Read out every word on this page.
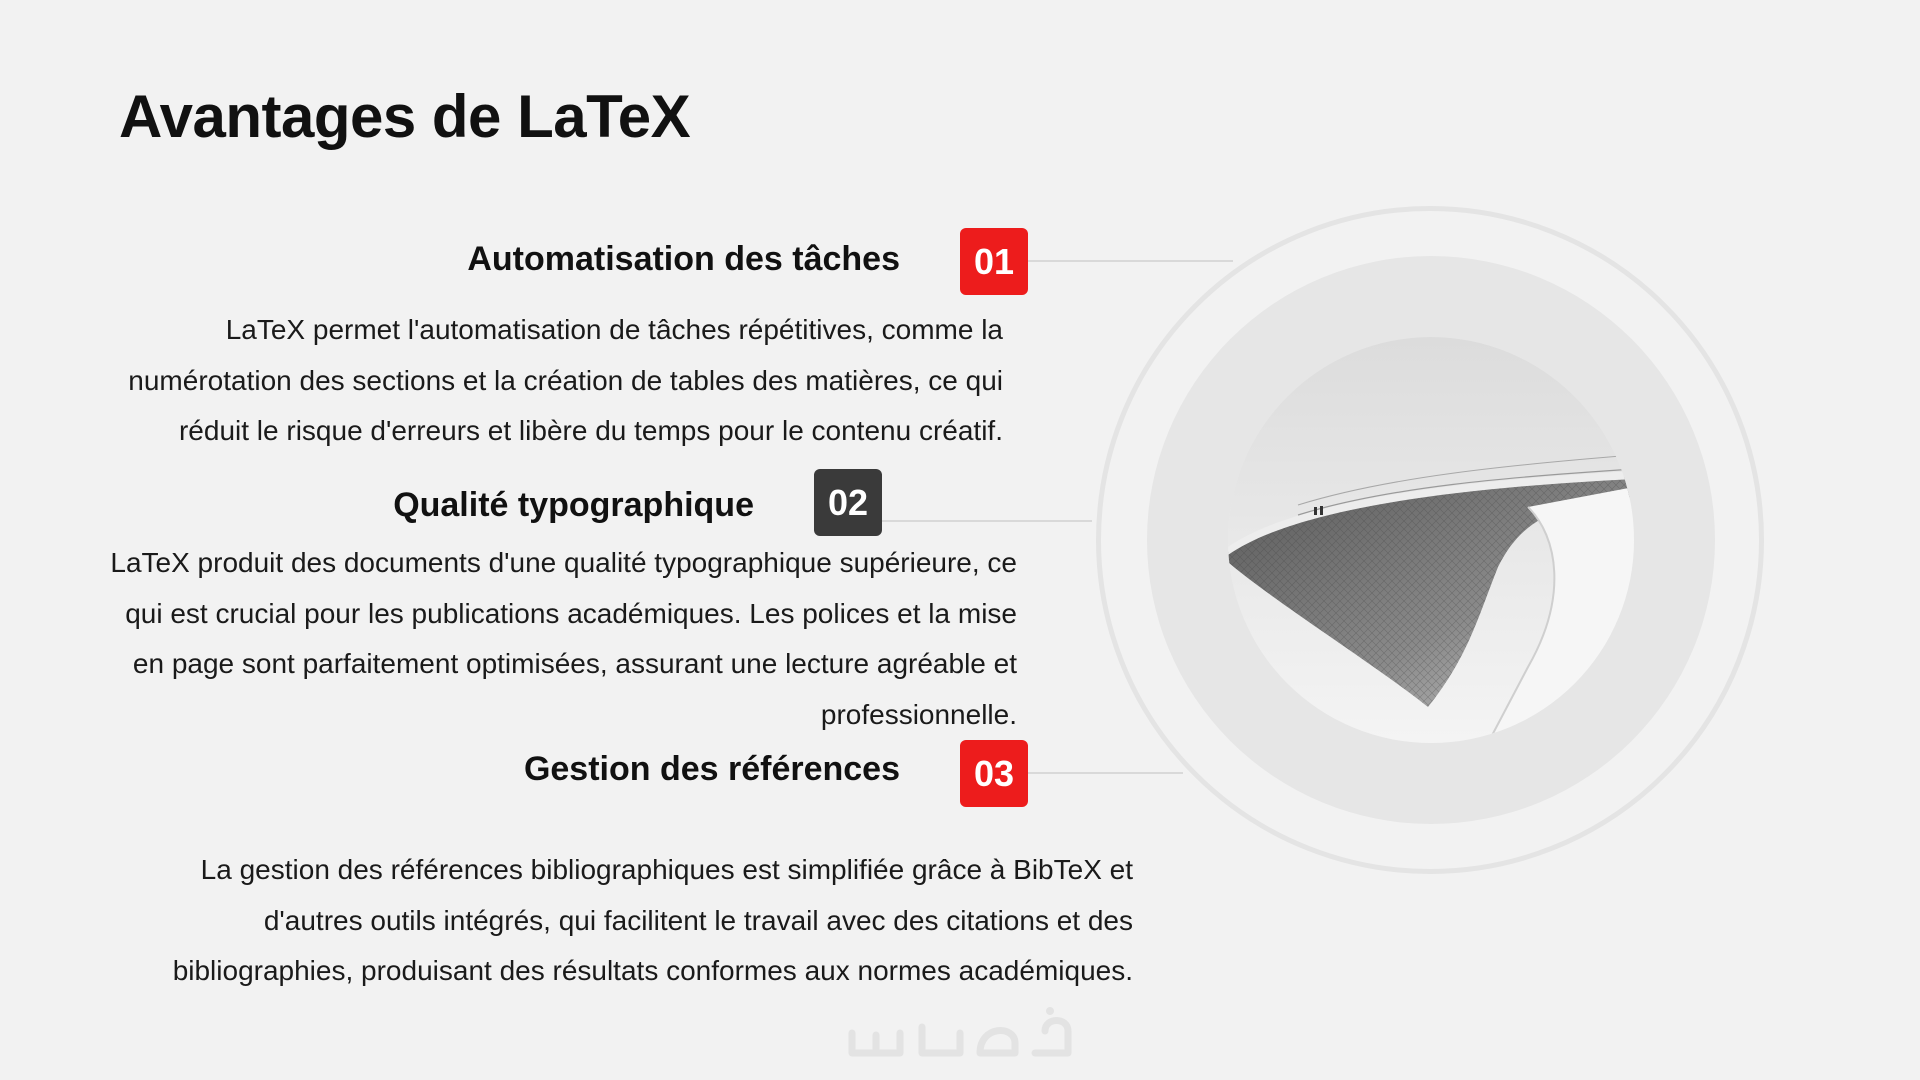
Avantages de LaTeX
Automatisation des tâches	01
LaTeX permet l'automatisation de tâches répétitives, comme la
numérotation des sections et la création de tables des matières, ce qui
réduit le risque d'erreurs et libère du temps pour le contenu créatif.
Qualité typographique	02
LaTeX produit des documents d'une qualité typographique supérieure, ce
qui est crucial pour les publications académiques. Les polices et la mise
en page sont parfaitement optimisées, assurant une lecture agréable et
professionnelle.
Gestion des références	03
La gestion des références bibliographiques est simplifiée grâce à BibTeX et
d'autres outils intégrés, qui facilitent le travail avec des citations et des
bibliographies, produisant des résultats conformes aux normes académiques.
